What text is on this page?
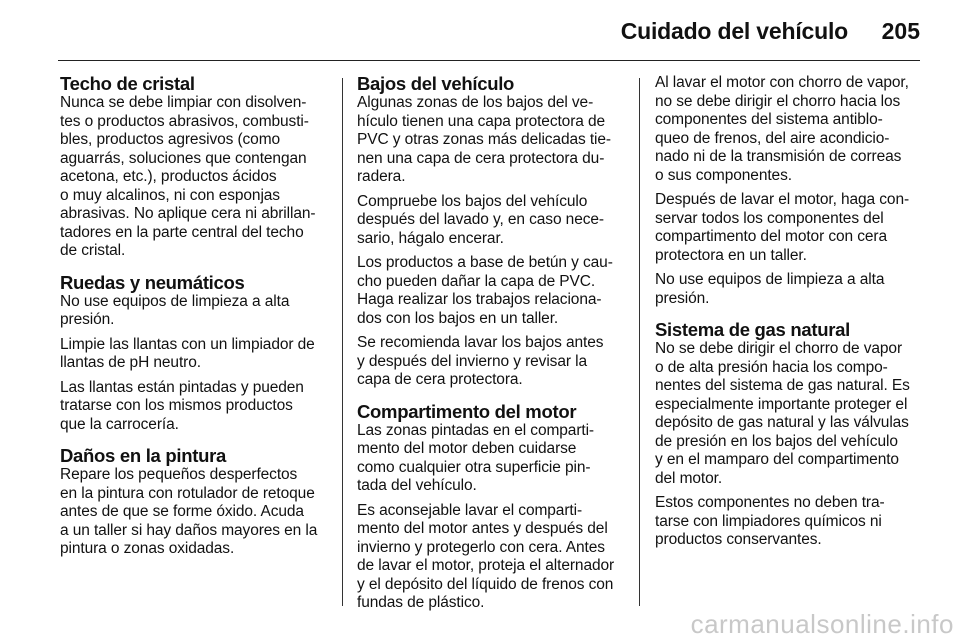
Cuidado del vehículo 205
Techo de cristal

Nunca se debe limpiar con disolven-
tes o productos abrasivos, combusti-
bles, productos agresivos (como
aguarrás, soluciones que contengan
acetona, etc.), productos ácidos
o muy alcalinos, ni con esponjas
abrasivas. No aplique cera ni abrillan-
tadores en la parte central del techo
de cristal.

Ruedas y neumáticos

No use equipos de limpieza a alta
presión.

Limpie las llantas con un limpiador de
llantas de pH neutro.

Las llantas están pintadas y pueden
tratarse con los mismos productos
que la carrocería.

Daños en la pintura

Repare los pequeños desperfectos
en la pintura con rotulador de retoque
antes de que se forme óxido. Acuda
a un taller si hay daños mayores en la
pintura o zonas oxidadas.

Bajos del vehículo

Algunas zonas de los bajos del ve-
hículo tienen una capa protectora de
PVC y otras zonas más delicadas tie-
nen una capa de cera protectora du-
radera.

Compruebe los bajos del vehículo
después del lavado y, en caso nece-
sario, hágalo encerar.

Los productos a base de betún y cau-
cho pueden dañar la capa de PVC.
Haga realizar los trabajos relaciona-
dos con los bajos en un taller.

Se recomienda lavar los bajos antes
y después del invierno y revisar la
capa de cera protectora.

Compartimento del motor

Las zonas pintadas en el comparti-
mento del motor deben cuidarse
como cualquier otra superficie pin-
tada del vehículo.

Es aconsejable lavar el comparti-
mento del motor antes y después del
invierno y protegerlo con cera. Antes
de lavar el motor, proteja el alternador
y el depósito del líquido de frenos con
fundas de plástico.

Al lavar el motor con chorro de vapor,
no se debe dirigir el chorro hacia los
componentes del sistema antiblo-
queo de frenos, del aire acondicio-
nado ni de la transmisión de correas
o sus componentes.

Después de lavar el motor, haga con-
servar todos los componentes del
compartimento del motor con cera
protectora en un taller.

No use equipos de limpieza a alta
presión.

Sistema de gas natural

No se debe dirigir el chorro de vapor
o de alta presión hacia los compo-
nentes del sistema de gas natural. Es
especialmente importante proteger el
depósito de gas natural y las válvulas
de presión en los bajos del vehículo
y en el mamparo del compartimento
del motor.

Estos componentes no deben tra-
tarse con limpiadores químicos ni
productos conservantes.

carmanualsonline.info
